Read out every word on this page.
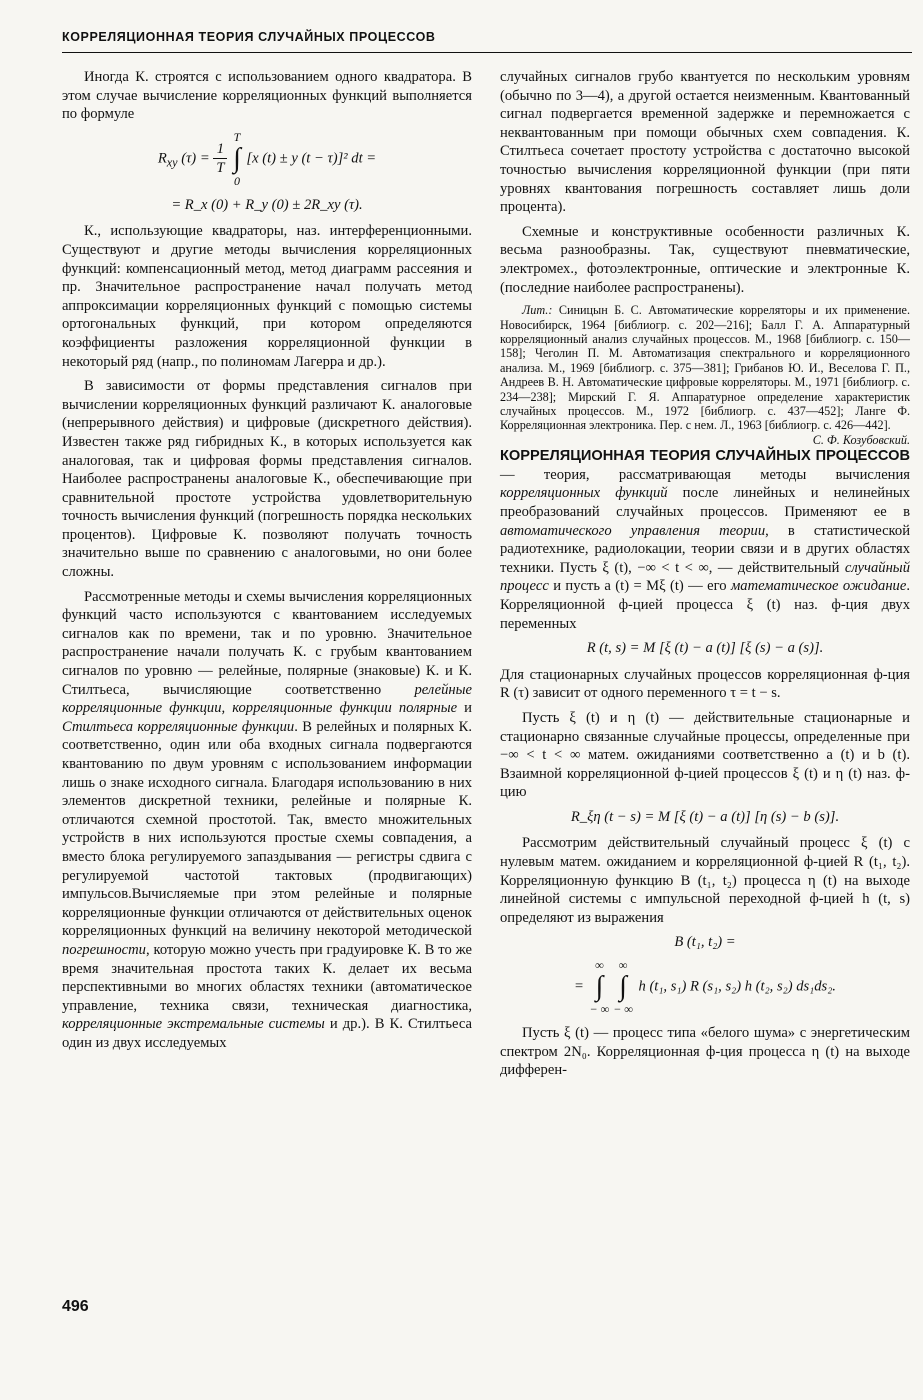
КОРРЕЛЯЦИОННАЯ ТЕОРИЯ СЛУЧАЙНЫХ ПРОЦЕССОВ

Иногда К. строятся с использованием одного квадратора. В этом случае вычисление корреляционных функций выполняется по формуле

$R_{xy}$ $(\tau) = \frac{1}{T}$
T
∫
0 [x (t) ± y (t − τ)]² dt =
= R_x (0) + R_y (0) ± 2R_xy (τ).

К., использующие квадраторы, наз. интерференционными. Существуют и другие методы вычисления корреляционных функций: компенсационный метод, метод диаграмм рассеяния и пр. Значительное распространение начал получать метод аппроксимации корреляционных функций с помощью системы ортогональных функций, при котором определяются коэффициенты разложения корреляционной функции в некоторый ряд (напр., по полиномам Лагерра и др.).

В зависимости от формы представления сигналов при вычислении корреляционных функций различают К. аналоговые (непрерывного действия) и цифровые (дискретного действия). Известен также ряд гибридных К., в которых используется как аналоговая, так и цифровая формы представления сигналов. Наиболее распространены аналоговые К., обеспечивающие при сравнительной простоте устройства удовлетворительную точность вычисления функций (погрешность порядка нескольких процентов). Цифровые К. позволяют получать точность значительно выше по сравнению с аналоговыми, но они более сложны.

Рассмотренные методы и схемы вычисления корреляционных функций часто используются с квантованием исследуемых сигналов как по времени, так и по уровню. Значительное распространение начали получать К. с грубым квантованием сигналов по уровню — релейные, полярные (знаковые) К. и К. Стилтьеса, вычисляющие соответственно релейные корреляционные функции, корреляционные функции полярные и Стилтьеса корреляционные функции. В релейных и полярных К. соответственно, один или оба входных сигнала подвергаются квантованию по двум уровням с использованием информации лишь о знаке исходного сигнала. Благодаря использованию в них элементов дискретной техники, релейные и полярные К. отличаются схемной простотой. Так, вместо множительных устройств в них используются простые схемы совпадения, а вместо блока регулируемого запаздывания — регистры сдвига с регулируемой частотой тактовых (продвигающих) импульсов.Вычисляемые при этом релейные и полярные корреляционные функции отличаются от действительных оценок корреляционных функций на величину некоторой методической погрешности, которую можно учесть при градуировке К. В то же время значительная простота таких К. делает их весьма перспективными во многих областях техники (автоматическое управление, техника связи, техническая диагностика, корреляционные экстремальные системы и др.). В К. Стилтьеса один из двух исследуемых

случайных сигналов грубо квантуется по нескольким уровням (обычно по 3—4), а другой остается неизменным. Квантованный сигнал подвергается временной задержке и перемножается с неквантованным при помощи обычных схем совпадения. К. Стилтьеса сочетает простоту устройства с достаточно высокой точностью вычисления корреляционной функции (при пяти уровнях квантования погрешность составляет лишь доли процента).

Схемные и конструктивные особенности различных К. весьма разнообразны. Так, существуют пневматические, электромех., фотоэлектронные, оптические и электронные К. (последние наиболее распространены).

Лит.: Синицын Б. С. Автоматические корреляторы и их применение. Новосибирск, 1964 [библиогр. с. 202—216]; Балл Г. А. Аппаратурный корреляционный анализ случайных процессов. М., 1968 [библиогр. с. 150—158]; Чеголин П. М. Автоматизация спектрального и корреляционного анализа. М., 1969 [библиогр. с. 375—381]; Грибанов Ю. И., Веселова Г. П., Андреев В. Н. Автоматические цифровые корреляторы. М., 1971 [библиогр. с. 234—238]; Мирский Г. Я. Аппаратурное определение характеристик случайных процессов. М., 1972 [библиогр. с. 437—452]; Ланге Ф. Корреляционная электроника. Пер. с нем. Л., 1963 [библиогр. с. 426—442].
С. Ф. Козубовский.

КОРРЕЛЯЦИОННАЯ ТЕОРИЯ СЛУЧАЙНЫХ ПРОЦЕССОВ — теория, рассматривающая методы вычисления корреляционных функций после линейных и нелинейных преобразований случайных процессов. Применяют ее в автоматического управления теории, в статистической радиотехнике, радиолокации, теории связи и в других областях техники. Пусть ξ (t), −∞ < t < ∞, — действительный случайный процесс и пусть a (t) = Mξ (t) — его математическое ожидание. Корреляционной ф-цией процесса ξ (t) наз. ф-ция двух переменных

R (t, s) = M [ξ (t) − a (t)] [ξ (s) − a (s)].

Для стационарных случайных процессов корреляционная ф-ция R (τ) зависит от одного переменного τ = t − s.

Пусть ξ (t) и η (t) — действительные стационарные и стационарно связанные случайные процессы, определенные при −∞ < t < ∞ матем. ожиданиями соответственно a (t) и b (t). Взаимной корреляционной ф-цией процессов ξ (t) и η (t) наз. ф-цию

R_ξη (t − s) = M [ξ (t) − a (t)] [η (s) − b (s)].

Рассмотрим действительный случайный процесс ξ (t) с нулевым матем. ожиданием и корреляционной ф-цией R (t₁, t₂). Корреляционную функцию B (t₁, t₂) процесса η (t) на выходе линейной системы с импульсной переходной ф-цией h (t, s) определяют из выражения

B (t₁, t₂) =
= ∞
∫
− ∞∞
∫
− ∞ h (t₁, s₁) R (s₁, s₂) h (t₂, s₂) ds₁ds₂.

Пусть ξ (t) — процесс типа «белого шума» с энергетическим спектром 2N₀. Корреляционная ф-ция процесса η (t) на выходе дифферен-

496
